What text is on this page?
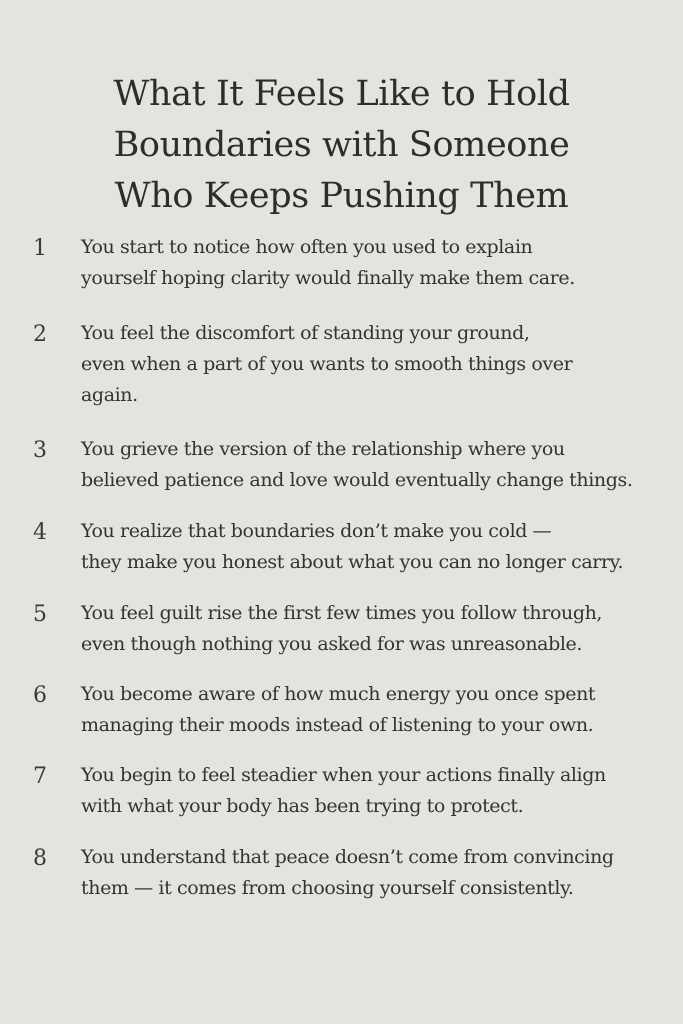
What It Feels Like to Hold
Boundaries with Someone
Who Keeps Pushing Them
1	You start to notice how often you used to explain
yourself hoping clarity would finally make them care.
2	You feel the discomfort of standing your ground,
even when a part of you wants to smooth things over
again.
3	You grieve the version of the relationship where you
believed patience and love would eventually change things.
4	You realize that boundaries don’t make you cold —
they make you honest about what you can no longer carry.
5	You feel guilt rise the first few times you follow through,
even though nothing you asked for was unreasonable.
6	You become aware of how much energy you once spent
managing their moods instead of listening to your own.
7	You begin to feel steadier when your actions finally align
with what your body has been trying to protect.
8	You understand that peace doesn’t come from convincing
them — it comes from choosing yourself consistently.
